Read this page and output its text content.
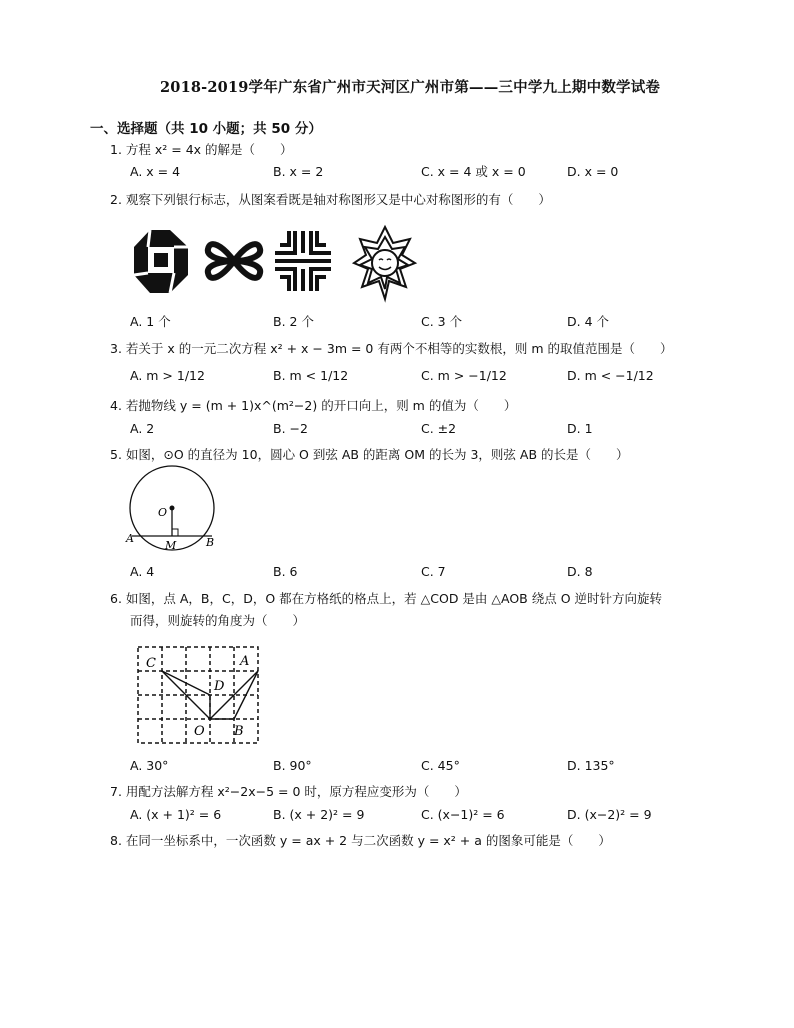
2018-2019学年广东省广州市天河区广州市第——三中学九上期中数学试卷
一、选择题（共 10 小题；共 50 分）
1. 方程 x² = 4x 的解是（　　）
A. x = 4	B. x = 2	C. x = 4 或 x = 0	D. x = 0
2. 观察下列银行标志，从图案看既是轴对称图形又是中心对称图形的有（　　）
A. 1 个	B. 2 个	C. 3 个	D. 4 个
3. 若关于 x 的一元二次方程 x² + x − 3m = 0 有两个不相等的实数根，则 m 的取值范围是（　　）
A. m > 1/12	B. m < 1/12	C. m > −1/12	D. m < −1/12
4. 若抛物线 y = (m + 1)x^(m²−2) 的开口向上，则 m 的值为（　　）
A. 2	B. −2	C. ±2	D. 1
5. 如图，⊙O 的直径为 10，圆心 O 到弦 AB 的距离 OM 的长为 3，则弦 AB 的长是（　　）
O
M
A	B
A. 4	B. 6	C. 7	D. 8
6. 如图，点 A，B，C，D，O 都在方格纸的格点上，若 △COD 是由 △AOB 绕点 O 逆时针方向旋转
而得，则旋转的角度为（　　）
C	A
D
O B
A. 30°	B. 90°	C. 45°	D. 135°
7. 用配方法解方程 x²−2x−5 = 0 时，原方程应变形为（　　）
A. (x + 1)² = 6	B. (x + 2)² = 9	C. (x−1)² = 6	D. (x−2)² = 9
8. 在同一坐标系中，一次函数 y = ax + 2 与二次函数 y = x² + a 的图象可能是（　　）
